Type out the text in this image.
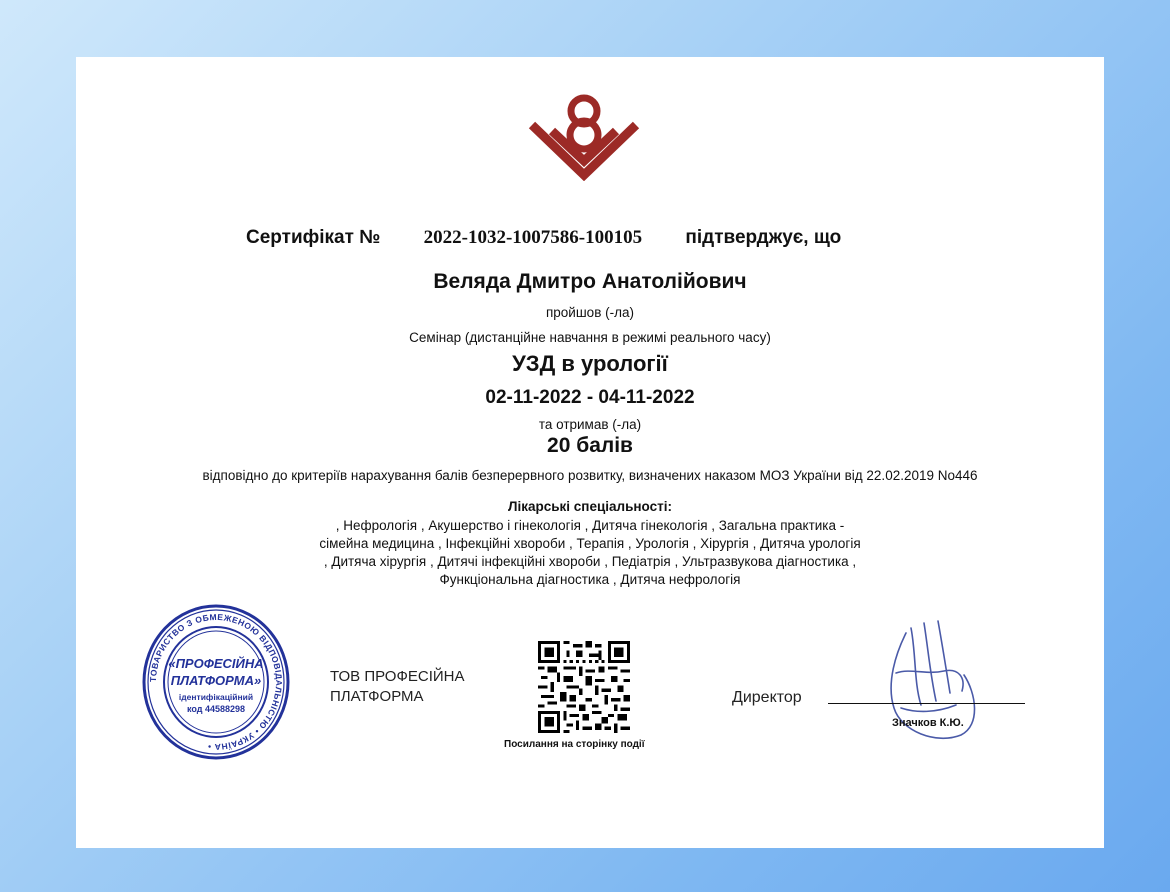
Сертифікат № 2022-1032-1007586-100105 підтверджує, що
Веляда Дмитро Анатолійович
пройшов (-ла)
Семінар (дистанційне навчання в режимі реального часу)
УЗД в урології
02-11-2022 - 04-11-2022
та отримав (-ла)
20 балів
відповідно до критеріїв нарахування балів безперервного розвитку, визначених наказом МОЗ України від 22.02.2019 No446
Лікарські спеціальності:
, Нефрологія , Акушерство і гінекологія , Дитяча гінекологія , Загальна практика -
сімейна медицина , Інфекційні хвороби , Терапія , Урологія , Хірургія , Дитяча урологія
, Дитяча хірургія , Дитячі інфекційні хвороби , Педіатрія , Ультразвукова діагностика ,
Функціональна діагностика , Дитяча нефрологія
ТОВАРИСТВО З ОБМЕЖЕНОЮ ВІДПОВІДАЛЬНІСТЮ • УКРАЇНА •
«ПРОФЕСІЙНА
ПЛАТФОРМА»
ідентифікаційний
код 44588298
ТОВ ПРОФЕСІЙНА
ПЛАТФОРМА
Посилання на сторінку події
Директор
Значков К.Ю.
